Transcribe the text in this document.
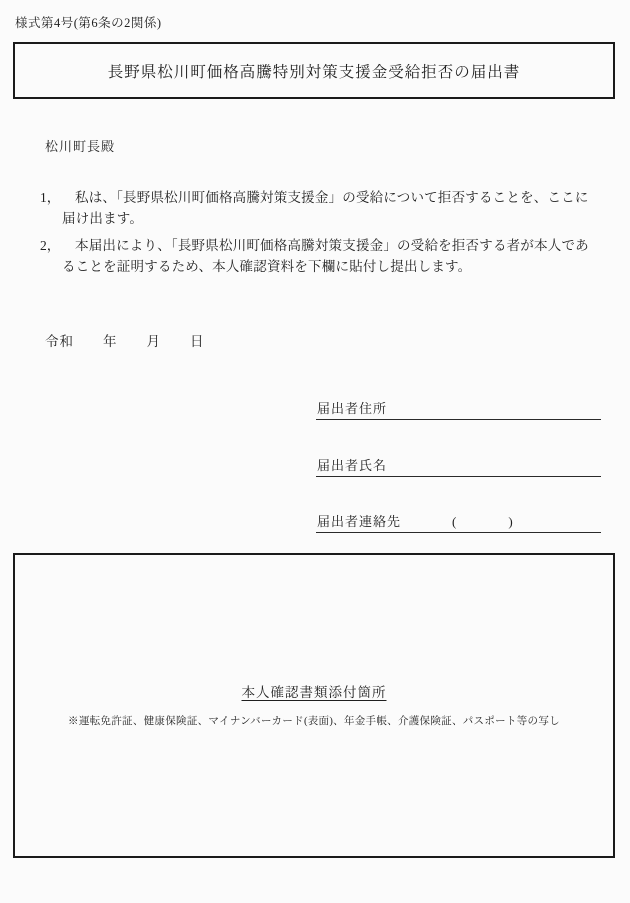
様式第4号(第6条の2関係)
長野県松川町価格高騰特別対策支援金受給拒否の届出書
松川町長殿
1，	私は、「長野県松川町価格高騰対策支援金」の受給について拒否することを、ここに届け出ます。
2，	本届出により、「長野県松川町価格高騰対策支援金」の受給を拒否する者が本人であることを証明するため、本人確認資料を下欄に貼付し提出します。
令和　　年　　月　　日
届出者住所
届出者氏名
届出者連絡先	(　　　　)
本人確認書類添付箇所
※運転免許証、健康保険証、マイナンバーカード(表面)、年金手帳、介護保険証、パスポート等の写し
